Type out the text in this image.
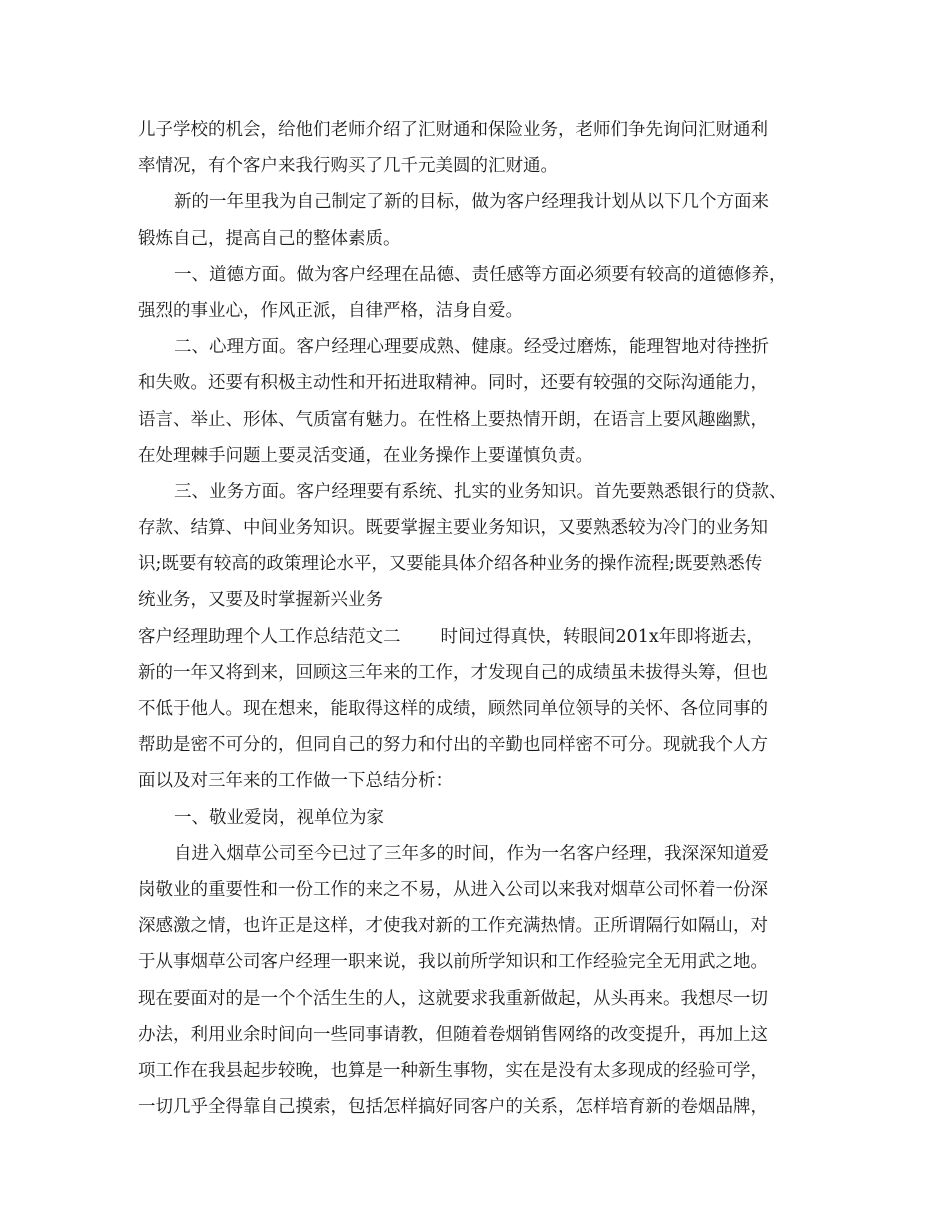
儿子学校的机会，给他们老师介绍了汇财通和保险业务，老师们争先询问汇财通利
率情况，有个客户来我行购买了几千元美圆的汇财通。
新的一年里我为自己制定了新的目标，做为客户经理我计划从以下几个方面来
锻炼自己，提高自己的整体素质。
一、道德方面。做为客户经理在品德、责任感等方面必须要有较高的道德修养，
强烈的事业心，作风正派，自律严格，洁身自爱。
二、心理方面。客户经理心理要成熟、健康。经受过磨炼，能理智地对待挫折
和失败。还要有积极主动性和开拓进取精神。同时，还要有较强的交际沟通能力，
语言、举止、形体、气质富有魅力。在性格上要热情开朗，在语言上要风趣幽默，
在处理棘手问题上要灵活变通，在业务操作上要谨慎负责。
三、业务方面。客户经理要有系统、扎实的业务知识。首先要熟悉银行的贷款、
存款、结算、中间业务知识。既要掌握主要业务知识，又要熟悉较为冷门的业务知
识;既要有较高的政策理论水平，又要能具体介绍各种业务的操作流程;既要熟悉传
统业务，又要及时掌握新兴业务
客户经理助理个人工作总结范文二 时间过得真快，转眼间201x年即将逝去，
新的一年又将到来，回顾这三年来的工作，才发现自己的成绩虽未拔得头筹，但也
不低于他人。现在想来，能取得这样的成绩，顾然同单位领导的关怀、各位同事的
帮助是密不可分的，但同自己的努力和付出的辛勤也同样密不可分。现就我个人方
面以及对三年来的工作做一下总结分析：
一、敬业爱岗，视单位为家
自进入烟草公司至今已过了三年多的时间，作为一名客户经理，我深深知道爱
岗敬业的重要性和一份工作的来之不易，从进入公司以来我对烟草公司怀着一份深
深感激之情，也许正是这样，才使我对新的工作充满热情。正所谓隔行如隔山，对
于从事烟草公司客户经理一职来说，我以前所学知识和工作经验完全无用武之地。
现在要面对的是一个个活生生的人，这就要求我重新做起，从头再来。我想尽一切
办法，利用业余时间向一些同事请教，但随着卷烟销售网络的改变提升，再加上这
项工作在我县起步较晚，也算是一种新生事物，实在是没有太多现成的经验可学，
一切几乎全得靠自己摸索，包括怎样搞好同客户的关系，怎样培育新的卷烟品牌，
